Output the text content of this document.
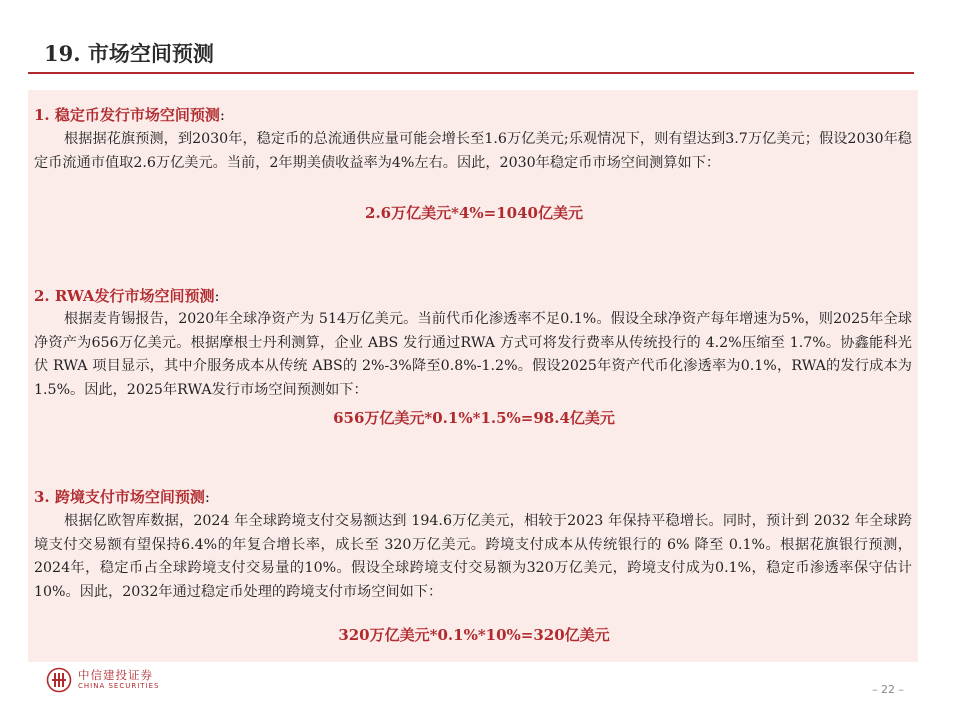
19. 市场空间预测
1. 稳定币发行市场空间预测:

根据据花旗预测，到2030年，稳定币的总流通供应量可能会增长至1.6万亿美元;乐观情况下，则有望达到3.7万亿美元；假设2030年稳定币流通市值取2.6万亿美元。当前，2年期美债收益率为4%左右。因此，2030年稳定币市场空间测算如下：

2.6万亿美元*4%=1040亿美元

2. RWA发行市场空间预测:

根据麦肯锡报告，2020年全球净资产为 514万亿美元。当前代币化渗透率不足0.1%。假设全球净资产每年增速为5%，则2025年全球净资产为656万亿美元。根据摩根士丹利测算，企业 ABS 发行通过RWA 方式可将发行费率从传统投行的 4.2%压缩至 1.7%。协鑫能科光伏 RWA 项目显示，其中介服务成本从传统 ABS的 2%-3%降至0.8%-1.2%。假设2025年资产代币化渗透率为0.1%，RWA的发行成本为1.5%。因此，2025年RWA发行市场空间预测如下：

656万亿美元*0.1%*1.5%=98.4亿美元

3. 跨境支付市场空间预测:

根据亿欧智库数据，2024 年全球跨境支付交易额达到 194.6万亿美元，相较于2023 年保持平稳增长。同时，预计到 2032 年全球跨境支付交易额有望保持6.4%的年复合增长率，成长至 320万亿美元。跨境支付成本从传统银行的 6% 降至 0.1%。根据花旗银行预测，2024年，稳定币占全球跨境支付交易量的10%。假设全球跨境支付交易额为320万亿美元，跨境支付成为0.1%，稳定币渗透率保守估计10%。因此，2032年通过稳定币处理的跨境支付市场空间如下：

320万亿美元*0.1%*10%=320亿美元

中信建投证券
CHINA SECURITIES	– 22 –
